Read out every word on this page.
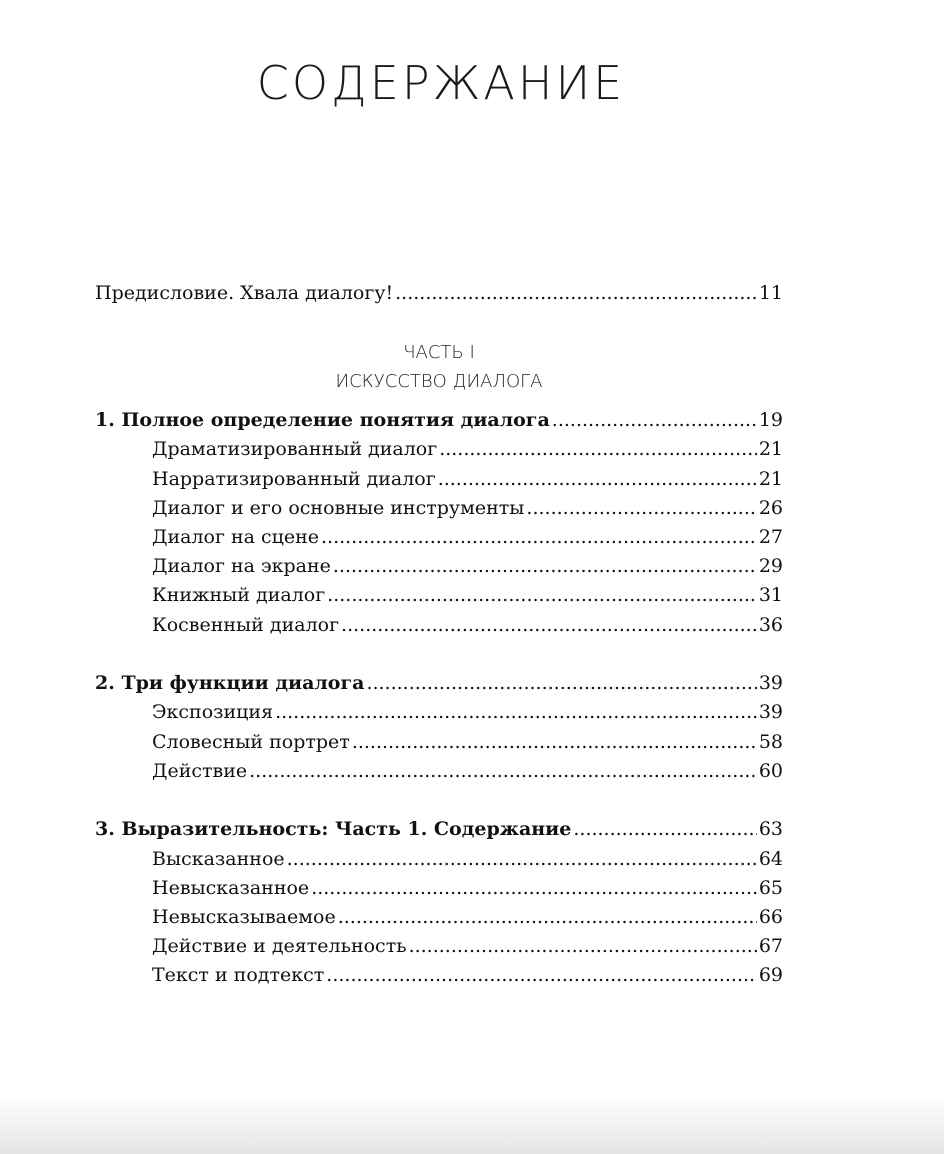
СОДЕРЖАНИЕ
Предисловие. Хвала диалогу! .....	11
ЧАСТЬ I
ИСКУССТВО ДИАЛОГА
1. Полное определение понятия диалога .....	19
Драматизированный диалог .....	21
Нарратизированный диалог .....	21
Диалог и его основные инструменты .....	26
Диалог на сцене .....	27
Диалог на экране .....	29
Книжный диалог .....	31
Косвенный диалог .....	36
2. Три функции диалога .....	39
Экспозиция .....	39
Словесный портрет .....	58
Действие .....	60
3. Выразительность: Часть 1. Содержание .....	63
Высказанное .....	64
Невысказанное .....	65
Невысказываемое .....	66
Действие и деятельность .....	67
Текст и подтекст .....	69
